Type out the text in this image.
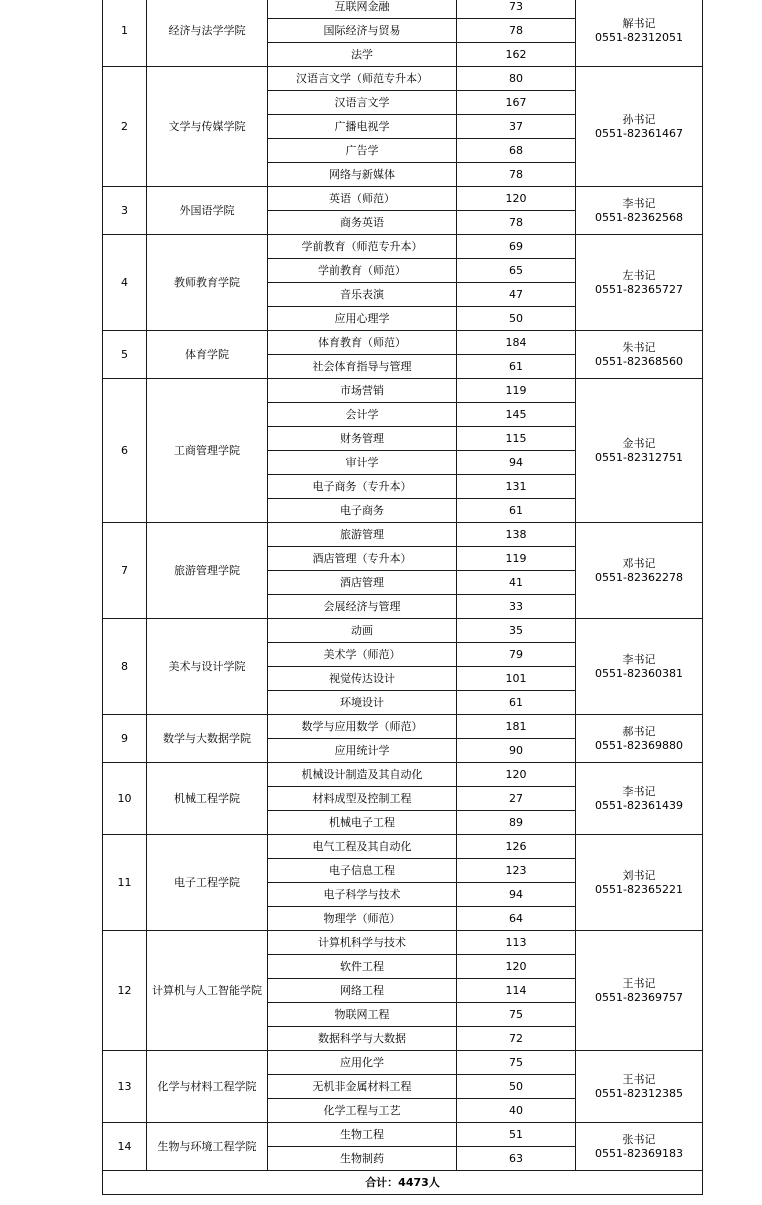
1	经济与法学学院	互联网金融	73	解书记
0551-82312051

		国际经济与贸易	78	
		法学	162	
2	文学与传媒学院	汉语言文学（师范专升本）	80	孙书记
0551-82361467

		汉语言文学	167	
		广播电视学	37	
		广告学	68	
		网络与新媒体	78	
3	外国语学院	英语（师范）	120	李书记
0551-82362568

		商务英语	78	
4	教师教育学院	学前教育（师范专升本）	69	左书记
0551-82365727

		学前教育（师范）	65	
		音乐表演	47	
		应用心理学	50	
5	体育学院	体育教育（师范）	184	朱书记
0551-82368560

		社会体育指导与管理	61	
6	工商管理学院	市场营销	119	金书记
0551-82312751

		会计学	145	
		财务管理	115	
		审计学	94	
		电子商务（专升本）	131	
		电子商务	61	
7	旅游管理学院	旅游管理	138	邓书记
0551-82362278

		酒店管理（专升本）	119	
		酒店管理	41	
		会展经济与管理	33	
8	美术与设计学院	动画	35	李书记
0551-82360381

		美术学（师范）	79	
		视觉传达设计	101	
		环境设计	61	
9	数学与大数据学院	数学与应用数学（师范）	181	郝书记
0551-82369880

		应用统计学	90	
10	机械工程学院	机械设计制造及其自动化	120	李书记
0551-82361439

		材料成型及控制工程	27	
		机械电子工程	89	
11	电子工程学院	电气工程及其自动化	126	刘书记
0551-82365221

		电子信息工程	123	
		电子科学与技术	94	
		物理学（师范）	64	
12	计算机与人工智能学院	计算机科学与技术	113	王书记
0551-82369757

		软件工程	120	
		网络工程	114	
		物联网工程	75	
		数据科学与大数据	72	
13	化学与材料工程学院	应用化学	75	王书记
0551-82312385

		无机非金属材料工程	50	
		化学工程与工艺	40	
14	生物与环境工程学院	生物工程	51	张书记
0551-82369183

		生物制药	63	
合计：4473人				
